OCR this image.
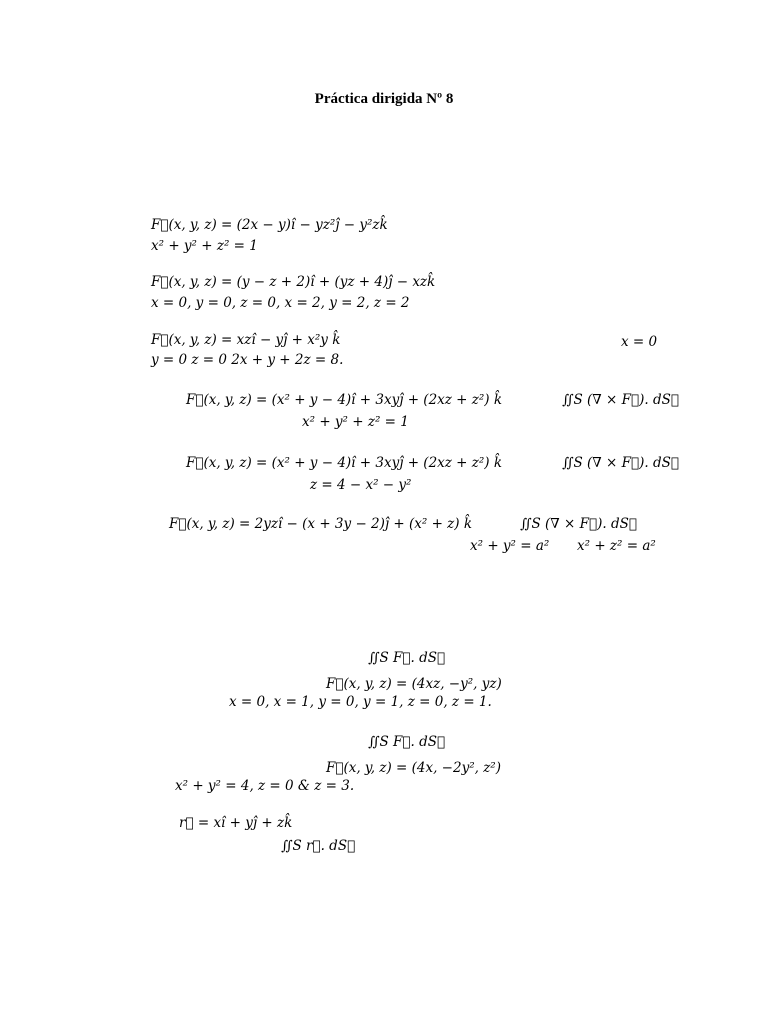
Práctica dirigida Nº 8
F⃗(x, y, z) = (2x − y)î − yz²ĵ − y²zk̂
x² + y² + z² = 1
F⃗(x, y, z) = (y − z + 2)î + (yz + 4)ĵ − xzk̂
x = 0, y = 0, z = 0, x = 2, y = 2, z = 2
F⃗(x, y, z) = xzî − yĵ + x²y k̂	x = 0
y = 0 z = 0 2x + y + 2z = 8.
F⃗(x, y, z) = (x² + y − 4)î + 3xyĵ + (2xz + z²) k̂	∬S (∇ × F⃗). dS⃗
x² + y² + z² = 1
F⃗(x, y, z) = (x² + y − 4)î + 3xyĵ + (2xz + z²) k̂	∬S (∇ × F⃗). dS⃗
z = 4 − x² − y²
F⃗(x, y, z) = 2yzî − (x + 3y − 2)ĵ + (x² + z) k̂	∬S (∇ × F⃗). dS⃗
x² + y² = a² x² + z² = a²
∬S F⃗. dS⃗
F⃗(x, y, z) = (4xz, −y², yz)
x = 0, x = 1, y = 0, y = 1, z = 0, z = 1.
∬S F⃗. dS⃗
F⃗(x, y, z) = (4x, −2y², z²)
x² + y² = 4, z = 0 & z = 3.
r⃗ = xî + yĵ + zk̂
∬S r⃗. dS⃗
